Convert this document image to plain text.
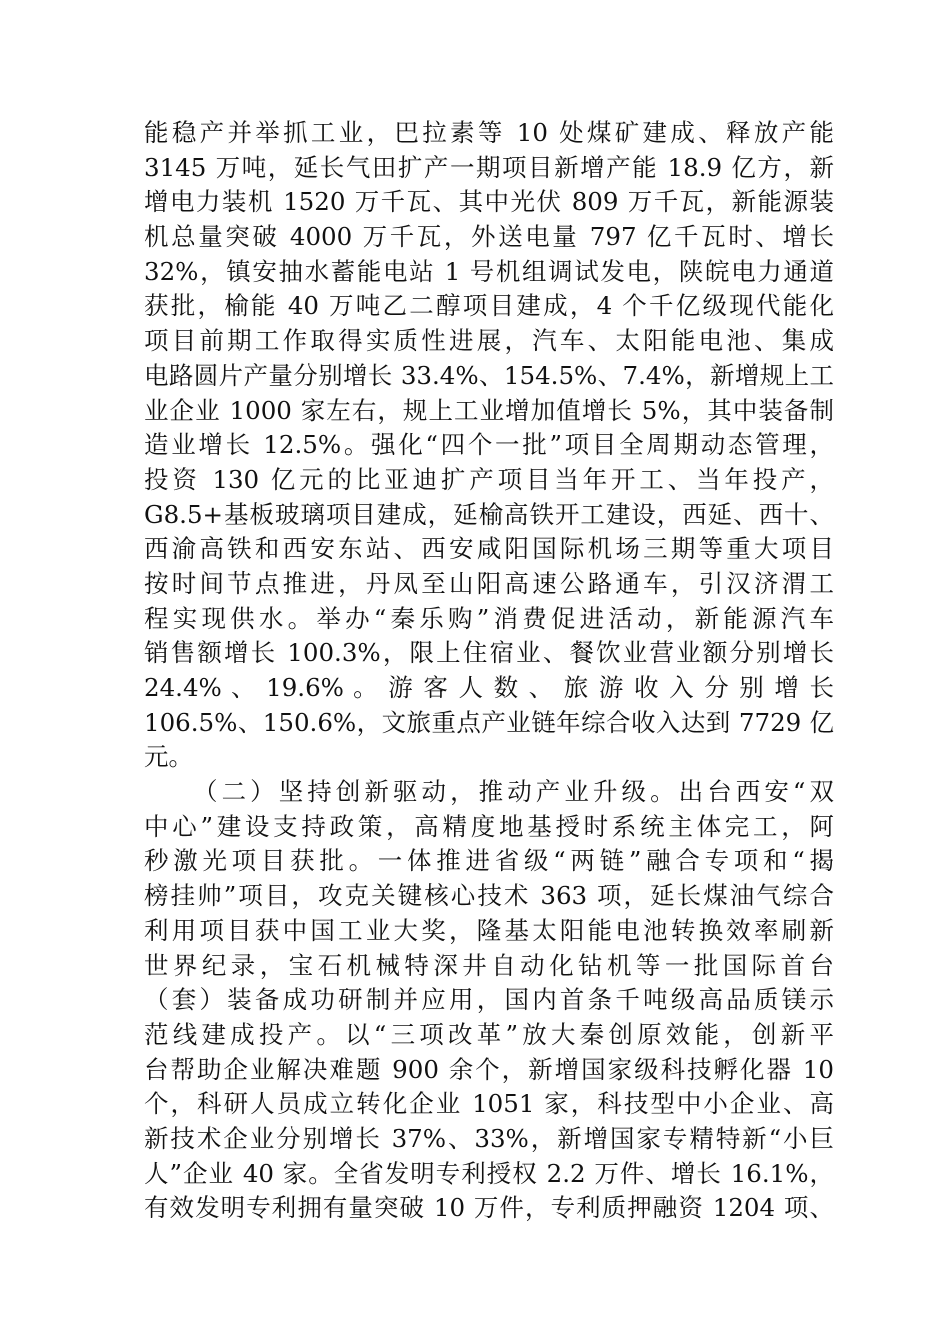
能稳产并举抓工业，巴拉素等 10 处煤矿建成、释放产能
3145 万吨，延长气田扩产一期项目新增产能 18.9 亿方，新
增电力装机 1520 万千瓦、其中光伏 809 万千瓦，新能源装
机总量突破 4000 万千瓦，外送电量 797 亿千瓦时、增长
32%，镇安抽水蓄能电站 1 号机组调试发电，陕皖电力通道
获批，榆能 40 万吨乙二醇项目建成，4 个千亿级现代能化
项目前期工作取得实质性进展，汽车、太阳能电池、集成
电路圆片产量分别增长 33.4%、154.5%、7.4%，新增规上工
业企业 1000 家左右，规上工业增加值增长 5%，其中装备制
造业增长 12.5%。强化“四个一批”项目全周期动态管理，
投资 130 亿元的比亚迪扩产项目当年开工、当年投产，
G8.5+基板玻璃项目建成，延榆高铁开工建设，西延、西十、
西渝高铁和西安东站、西安咸阳国际机场三期等重大项目
按时间节点推进，丹凤至山阳高速公路通车，引汉济渭工
程实现供水。举办“秦乐购”消费促进活动，新能源汽车
销售额增长 100.3%，限上住宿业、餐饮业营业额分别增长
24.4% 、 19.6% 。 游 客 人 数 、 旅 游 收 入 分 别 增 长
106.5%、150.6%，文旅重点产业链年综合收入达到 7729 亿
元。
（二）坚持创新驱动，推动产业升级。出台西安“双
中心”建设支持政策，高精度地基授时系统主体完工，阿
秒激光项目获批。一体推进省级“两链”融合专项和“揭
榜挂帅”项目，攻克关键核心技术 363 项，延长煤油气综合
利用项目获中国工业大奖，隆基太阳能电池转换效率刷新
世界纪录，宝石机械特深井自动化钻机等一批国际首台
（套）装备成功研制并应用，国内首条千吨级高品质镁示
范线建成投产。以“三项改革”放大秦创原效能，创新平
台帮助企业解决难题 900 余个，新增国家级科技孵化器 10
个，科研人员成立转化企业 1051 家，科技型中小企业、高
新技术企业分别增长 37%、33%，新增国家专精特新“小巨
人”企业 40 家。全省发明专利授权 2.2 万件、增长 16.1%，
有效发明专利拥有量突破 10 万件，专利质押融资 1204 项、
